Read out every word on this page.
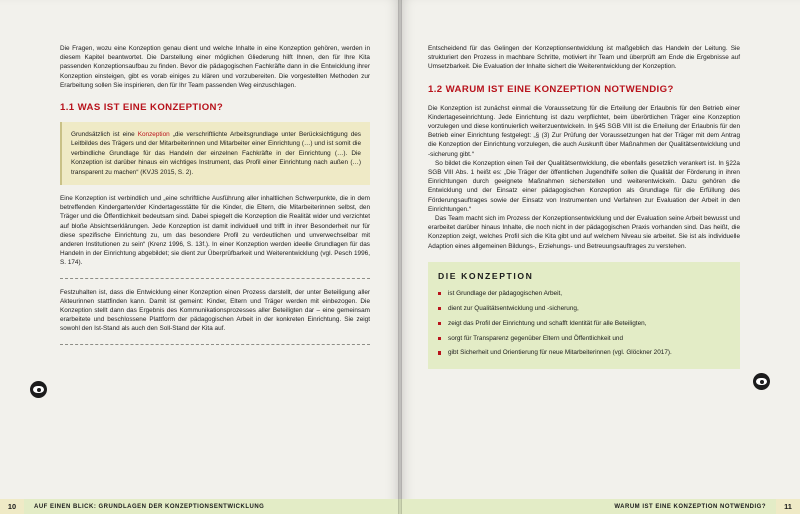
Die Fragen, wozu eine Konzeption genau dient und welche Inhalte in eine Konzeption gehören, werden in diesem Kapitel beantwortet. Die Darstellung einer möglichen Gliederung hilft Ihnen, den für Ihre Kita passenden Konzeptionsaufbau zu finden. Bevor die pädagogischen Fachkräfte dann in die Entwicklung ihrer Konzeption einsteigen, gibt es vorab einiges zu klären und vorzubereiten. Die vorgestellten Methoden zur Erarbeitung sollen Sie inspirieren, den für Ihr Team passenden Weg einzuschlagen.

1.1 WAS IST EINE KONZEPTION?

Grundsätzlich ist eine Konzeption „die verschriftlichte Arbeitsgrundlage unter Berücksichtigung des Leitbildes des Trägers und der Mitarbeiterinnen und Mitarbeiter einer Einrichtung (…) und ist somit die verbindliche Grundlage für das Handeln der einzelnen Fachkräfte in der Einrichtung (…). Die Konzeption ist darüber hinaus ein wichtiges Instrument, das Profil einer Einrichtung nach außen (…) transparent zu machen“ (KVJS 2015, S. 2).

Eine Konzeption ist verbindlich und „eine schriftliche Ausführung aller inhaltlichen Schwerpunkte, die in dem betreffenden Kindergarten/der Kindertagesstätte für die Kinder, die Eltern, die Mitarbeiterinnen selbst, den Träger und die Öffentlichkeit bedeutsam sind. Dabei spiegelt die Konzeption die Realität wider und verzichtet auf bloße Absichtserklärungen. Jede Konzeption ist damit individuell und trifft in ihrer Besonderheit nur für diese spezifische Einrichtung zu, um das besondere Profil zu verdeutlichen und unverwechselbar mit anderen Institutionen zu sein“ (Krenz 1996, S. 13f.). In einer Konzeption werden ideelle Grundlagen für das Handeln in der Einrichtung abgebildet; sie dient zur Überprüfbarkeit und Weiterentwicklung (vgl. Pesch 1996, S. 174).

Festzuhalten ist, dass die Entwicklung einer Konzeption einen Prozess darstellt, der unter Beteiligung aller Akteurinnen stattfinden kann. Damit ist gemeint: Kinder, Eltern und Träger werden mit einbezogen. Die Konzeption stellt dann das Ergebnis des Kommunikationsprozesses aller Beteiligten dar – eine gemeinsam erarbeitete und beschlossene Plattform der pädagogischen Arbeit in der konkreten Einrichtung. Sie zeigt sowohl den Ist-Stand als auch den Soll-Stand der Kita auf.

AUF EINEN BLICK: GRUNDLAGEN DER KONZEPTIONSENTWICKLUNG
10

Entscheidend für das Gelingen der Konzeptionsentwicklung ist maßgeblich das Handeln der Leitung. Sie strukturiert den Prozess in machbare Schritte, motiviert ihr Team und überprüft am Ende die Ergebnisse auf Umsetzbarkeit. Die Evaluation der Inhalte sichert die Weiterentwicklung der Konzeption.

1.2 WARUM IST EINE KONZEPTION NOTWENDIG?

Die Konzeption ist zunächst einmal die Voraussetzung für die Erteilung der Erlaubnis für den Betrieb einer Kindertageseinrichtung. Jede Einrichtung ist dazu verpflichtet, beim überörtlichen Träger eine Konzeption vorzulegen und diese kontinuierlich weiterzuentwickeln. In §45 SGB VIII ist die Erteilung der Erlaubnis für den Betrieb einer Einrichtung festgelegt: „§ (3) Zur Prüfung der Voraussetzungen hat der Träger mit dem Antrag die Konzeption der Einrichtung vorzulegen, die auch Auskunft über Maßnahmen der Qualitätsentwicklung und -sicherung gibt.“

So bildet die Konzeption einen Teil der Qualitätsentwicklung, die ebenfalls gesetzlich verankert ist. In §22a SGB VIII Abs. 1 heißt es: „Die Träger der öffentlichen Jugendhilfe sollen die Qualität der Förderung in ihren Einrichtungen durch geeignete Maßnahmen sicherstellen und weiterentwickeln. Dazu gehören die Entwicklung und der Einsatz einer pädagogischen Konzeption als Grundlage für die Erfüllung des Förderungsauftrages sowie der Einsatz von Instrumenten und Verfahren zur Evaluation der Arbeit in den Einrichtungen.“

Das Team macht sich im Prozess der Konzeptionsentwicklung und der Evaluation seine Arbeit bewusst und erarbeitet darüber hinaus Inhalte, die noch nicht in der pädagogischen Praxis vorhanden sind. Das heißt, die Konzeption zeigt, welches Profil sich die Kita gibt und auf welchem Niveau sie arbeitet. Sie ist als individuelle Adaption eines allgemeinen Bildungs-, Erziehungs- und Betreuungsauftrages zu verstehen.

DIE KONZEPTION
ist Grundlage der pädagogischen Arbeit,
dient zur Qualitätsentwicklung und -sicherung,
zeigt das Profil der Einrichtung und schafft Identität für alle Beteiligten,
sorgt für Transparenz gegenüber Eltern und Öffentlichkeit und
gibt Sicherheit und Orientierung für neue Mitarbeiterinnen (vgl. Glöckner 2017).
WARUM IST EINE KONZEPTION NOTWENDIG?	11
